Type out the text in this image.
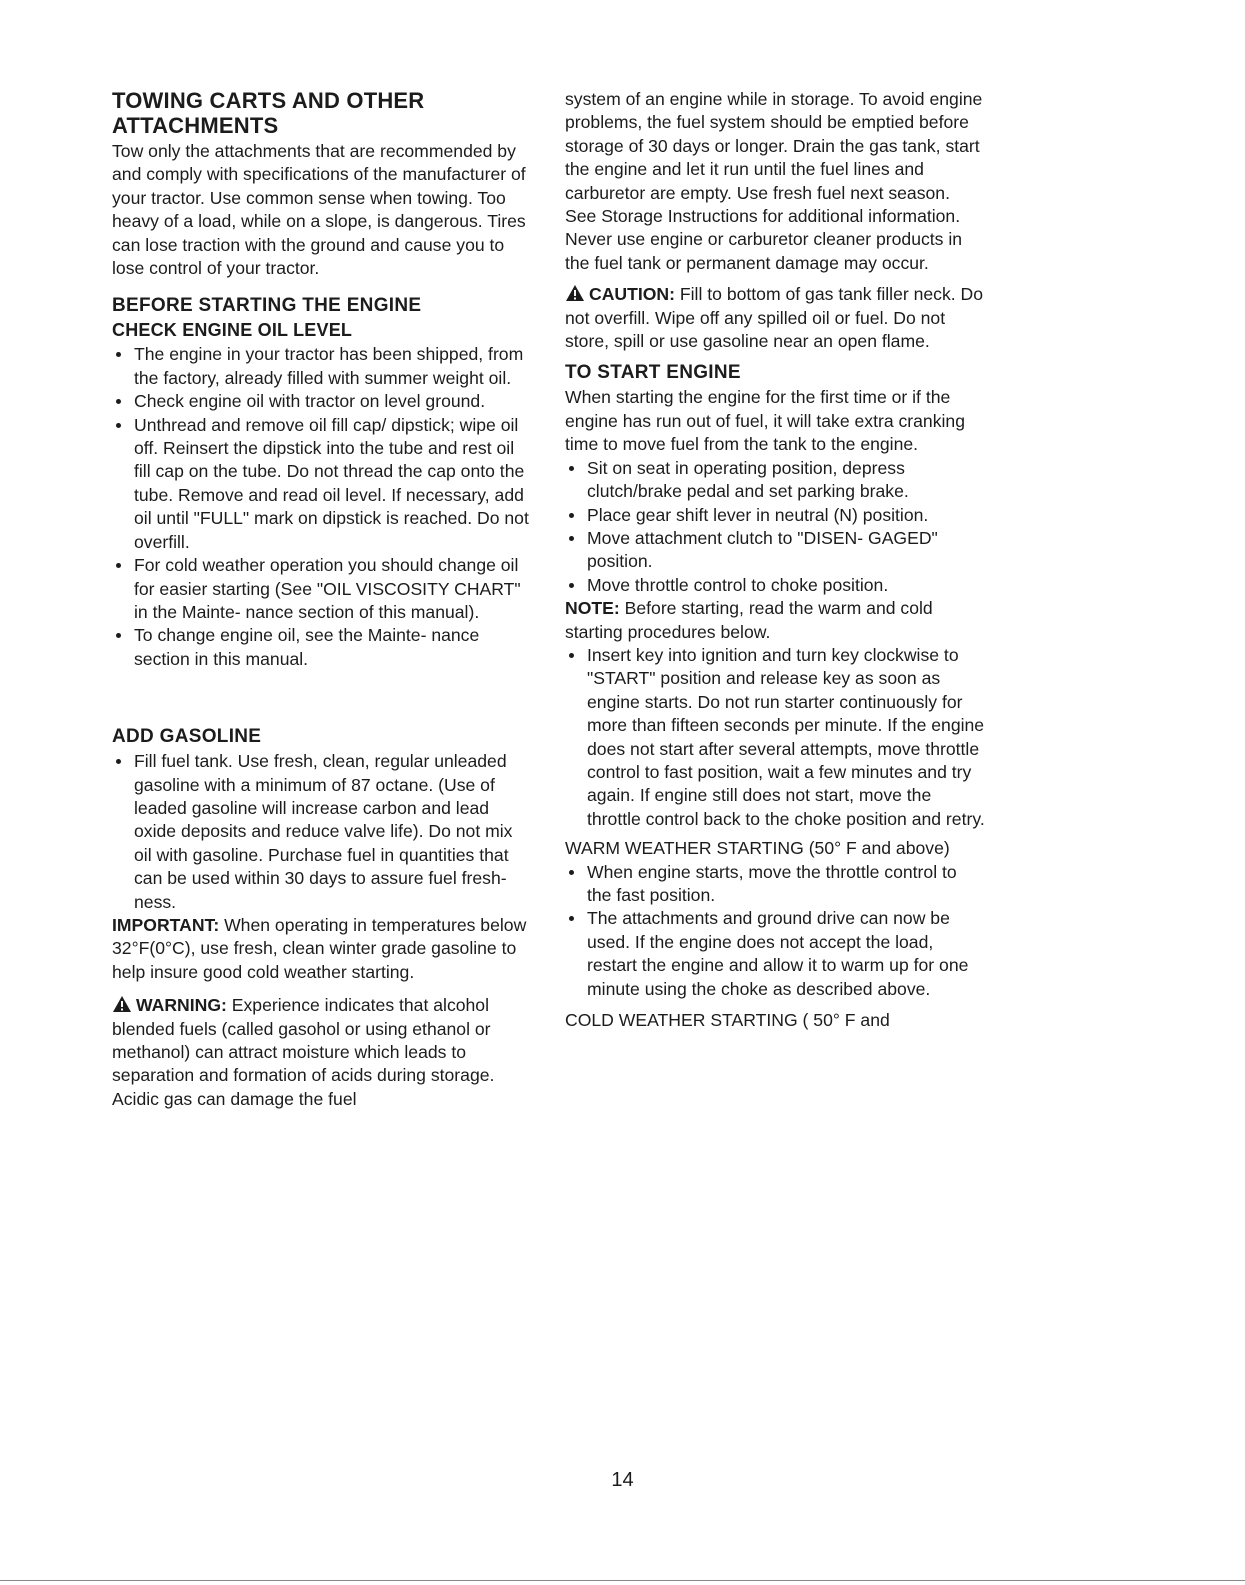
TOWING CARTS AND OTHER
ATTACHMENTS

Tow only the attachments that are recommended by and comply with specifications of the manufacturer of your tractor. Use common sense when towing. Too heavy of a load, while on a slope, is dangerous. Tires can lose traction with the ground and cause you to lose control of your tractor.

BEFORE STARTING THE ENGINE
CHECK ENGINE OIL LEVEL
The engine in your tractor has been shipped, from the factory, already filled with summer weight oil.
Check engine oil with tractor on level ground.
Unthread and remove oil fill cap/ dipstick; wipe oil off. Reinsert the dipstick into the tube and rest oil fill cap on the tube. Do not thread the cap onto the tube. Remove and read oil level. If necessary, add oil until "FULL" mark on dipstick is reached. Do not overfill.
For cold weather operation you should change oil for easier starting (See "OIL VISCOSITY CHART" in the Mainte- nance section of this manual).
To change engine oil, see the Mainte- nance section in this manual.
ADD GASOLINE
Fill fuel tank. Use fresh, clean, regular unleaded gasoline with a minimum of 87 octane. (Use of leaded gasoline will increase carbon and lead oxide deposits and reduce valve life). Do not mix oil with gasoline. Purchase fuel in quantities that can be used within 30 days to assure fuel fresh- ness.

IMPORTANT: When operating in temperatures below 32°F(0°C), use fresh, clean winter grade gasoline to help insure good cold weather starting.

WARNING: Experience indicates that alcohol blended fuels (called gasohol or using ethanol or methanol) can attract moisture which leads to separation and formation of acids during storage. Acidic gas can damage the fuel

system of an engine while in storage. To avoid engine problems, the fuel system should be emptied before storage of 30 days or longer. Drain the gas tank, start the engine and let it run until the fuel lines and carburetor are empty. Use fresh fuel next season. See Storage Instructions for additional information. Never use engine or carburetor cleaner products in the fuel tank or permanent damage may occur.

CAUTION: Fill to bottom of gas tank filler neck. Do not overfill. Wipe off any spilled oil or fuel. Do not store, spill or use gasoline near an open flame.

TO START ENGINE

When starting the engine for the first time or if the engine has run out of fuel, it will take extra cranking time to move fuel from the tank to the engine.

Sit on seat in operating position, depress clutch/brake pedal and set parking brake.
Place gear shift lever in neutral (N) position.
Move attachment clutch to "DISEN- GAGED" position.
Move throttle control to choke position.

NOTE: Before starting, read the warm and cold starting procedures below.

Insert key into ignition and turn key clockwise to "START" position and release key as soon as engine starts. Do not run starter continuously for more than fifteen seconds per minute. If the engine does not start after several attempts, move throttle control to fast position, wait a few minutes and try again. If engine still does not start, move the throttle control back to the choke position and retry.

WARM WEATHER STARTING (50° F and above)

When engine starts, move the throttle control to the fast position.
The attachments and ground drive can now be used. If the engine does not accept the load, restart the engine and allow it to warm up for one minute using the choke as described above.

COLD WEATHER STARTING ( 50° F and

14
